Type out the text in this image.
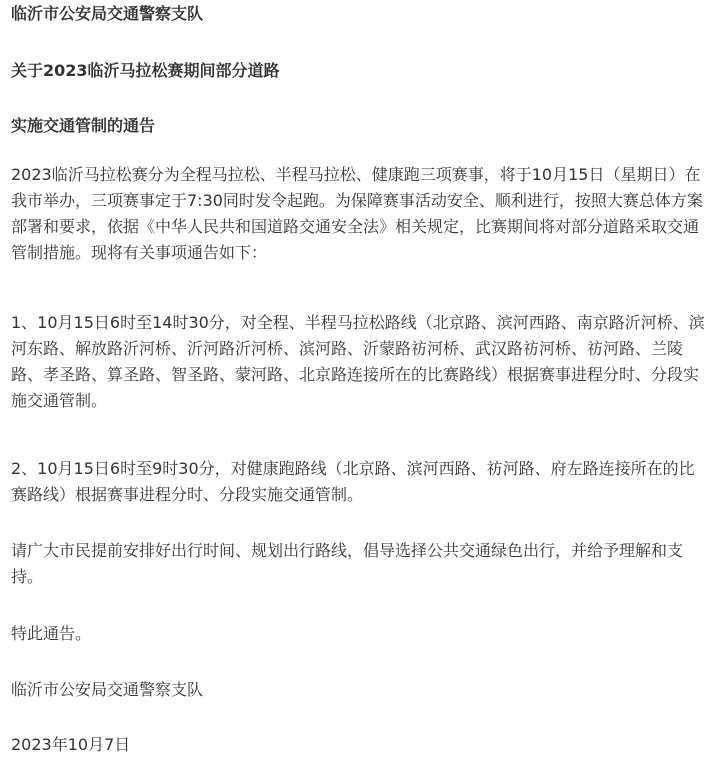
临沂市公安局交通警察支队

关于2023临沂马拉松赛期间部分道路

实施交通管制的通告

2023临沂马拉松赛分为全程马拉松、半程马拉松、健康跑三项赛事，将于10月15日（星期日）在我市举办，三项赛事定于7:30同时发令起跑。为保障赛事活动安全、顺利进行，按照大赛总体方案部署和要求，依据《中华人民共和国道路交通安全法》相关规定，比赛期间将对部分道路采取交通管制措施。现将有关事项通告如下：

1、10月15日6时至14时30分，对全程、半程马拉松路线（北京路、滨河西路、南京路沂河桥、滨河东路、解放路沂河桥、沂河路沂河桥、滨河路、沂蒙路祊河桥、武汉路祊河桥、祊河路、兰陵路、孝圣路、算圣路、智圣路、蒙河路、北京路连接所在的比赛路线）根据赛事进程分时、分段实施交通管制。

2、10月15日6时至9时30分，对健康跑路线（北京路、滨河西路、祊河路、府左路连接所在的比赛路线）根据赛事进程分时、分段实施交通管制。

请广大市民提前安排好出行时间、规划出行路线，倡导选择公共交通绿色出行，并给予理解和支持。

特此通告。

临沂市公安局交通警察支队

2023年10月7日
